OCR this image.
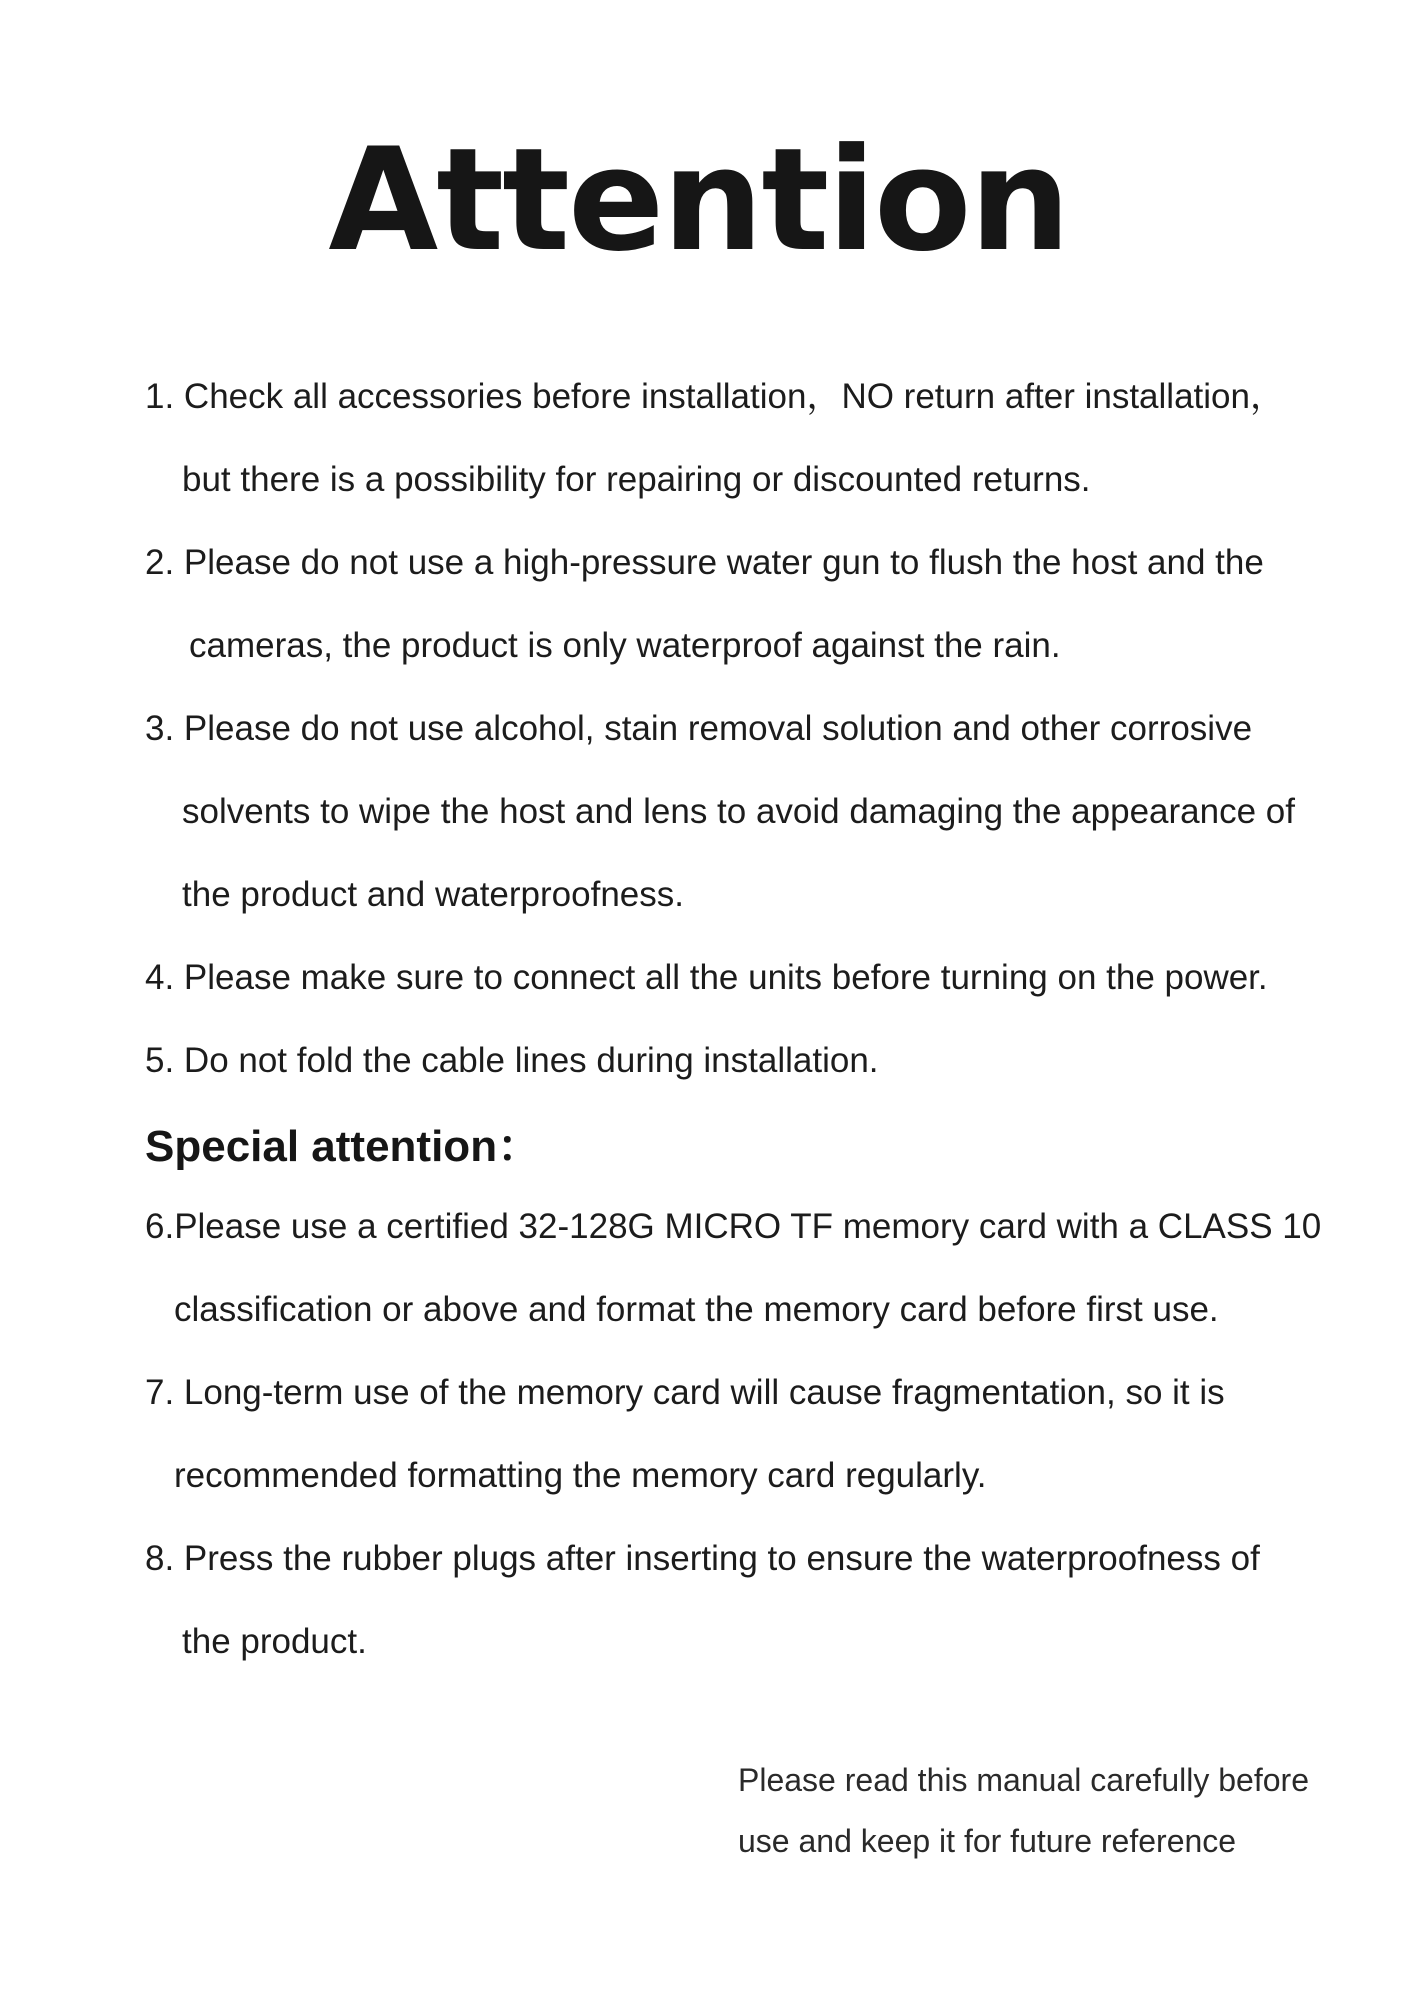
Attention
1. Check all accessories before installation，NO return after installation，
but there is a possibility for repairing or discounted returns.
2. Please do not use a high-pressure water gun to flush the host and the
cameras, the product is only waterproof against the rain.
3. Please do not use alcohol, stain removal solution and other corrosive
solvents to wipe the host and lens to avoid damaging the appearance of
the product and waterproofness.
4. Please make sure to connect all the units before turning on the power.
5. Do not fold the cable lines during installation.
Special attention：
6.Please use a certified 32-128G MICRO TF memory card with a CLASS 10
classification or above and format the memory card before first use.
7. Long-term use of the memory card will cause fragmentation, so it is
recommended formatting the memory card regularly.
8. Press the rubber plugs after inserting to ensure the waterproofness of
the product.
Please read this manual carefully before
use and keep it for future reference
